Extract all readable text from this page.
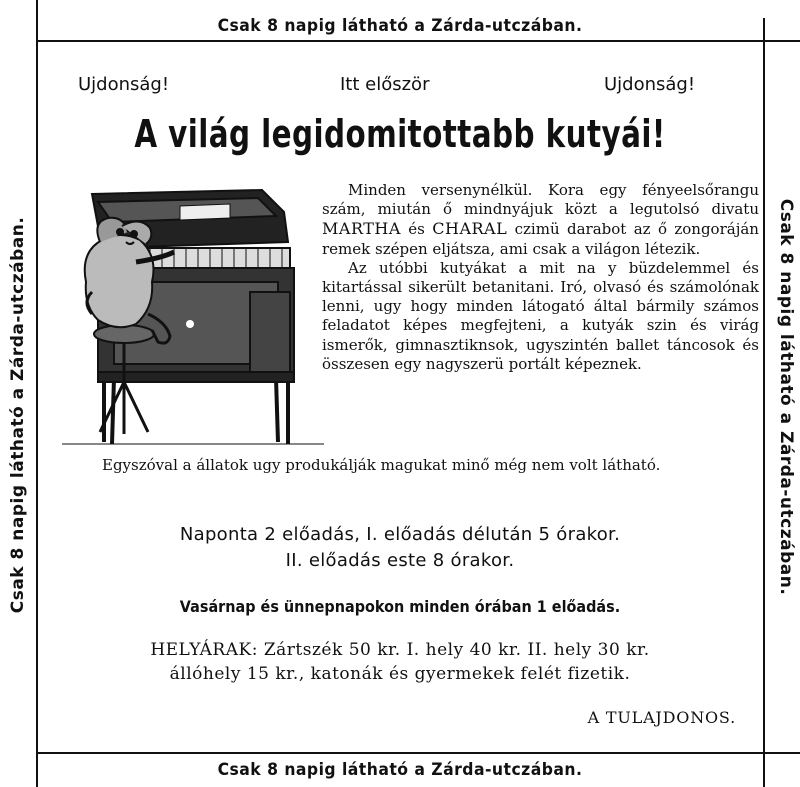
Csak 8 napig látható a Zárda-utczában.
Csak 8 napig látható a Zárda-utczában.
Csak 8 napig látható a Zárda-utczában.	Csak 8 napig látható a Zárda-utczában.
Ujdonság!	Itt először	Ujdonság!
A világ legidomitottabb kutyái!

Minden versenynélkül. Kora egy fényeelsőrangu szám, miután ő mindnyájuk közt a legutolsó divatu MARTHA és CHARAL czimü darabot az ő zongoráján remek szépen eljátsza, ami csak a világon létezik.

Az utóbbi kutyákat a mit na y büzdelemmel és kitartással sikerült betanitani. Iró, olvasó és számolónak lenni, ugy hogy minden látogató által bármily számos feladatot képes megfejteni, a kutyák szin és virág ismerők, gimnasztiknsok, ugyszintén ballet táncosok és összesen egy nagyszerü portált képeznek.

Egyszóval a állatok ugy produkálják magukat minő még nem volt látható.

Naponta 2 előadás, I. előadás délután 5 órakor.
II. előadás este 8 órakor.
Vasárnap és ünnepnapokon minden órában 1 előadás.
HELYÁRAK: Zártszék 50 kr. I. hely 40 kr. II. hely 30 kr.
állóhely 15 kr., katonák és gyermekek felét fizetik.
A TULAJDONOS.
